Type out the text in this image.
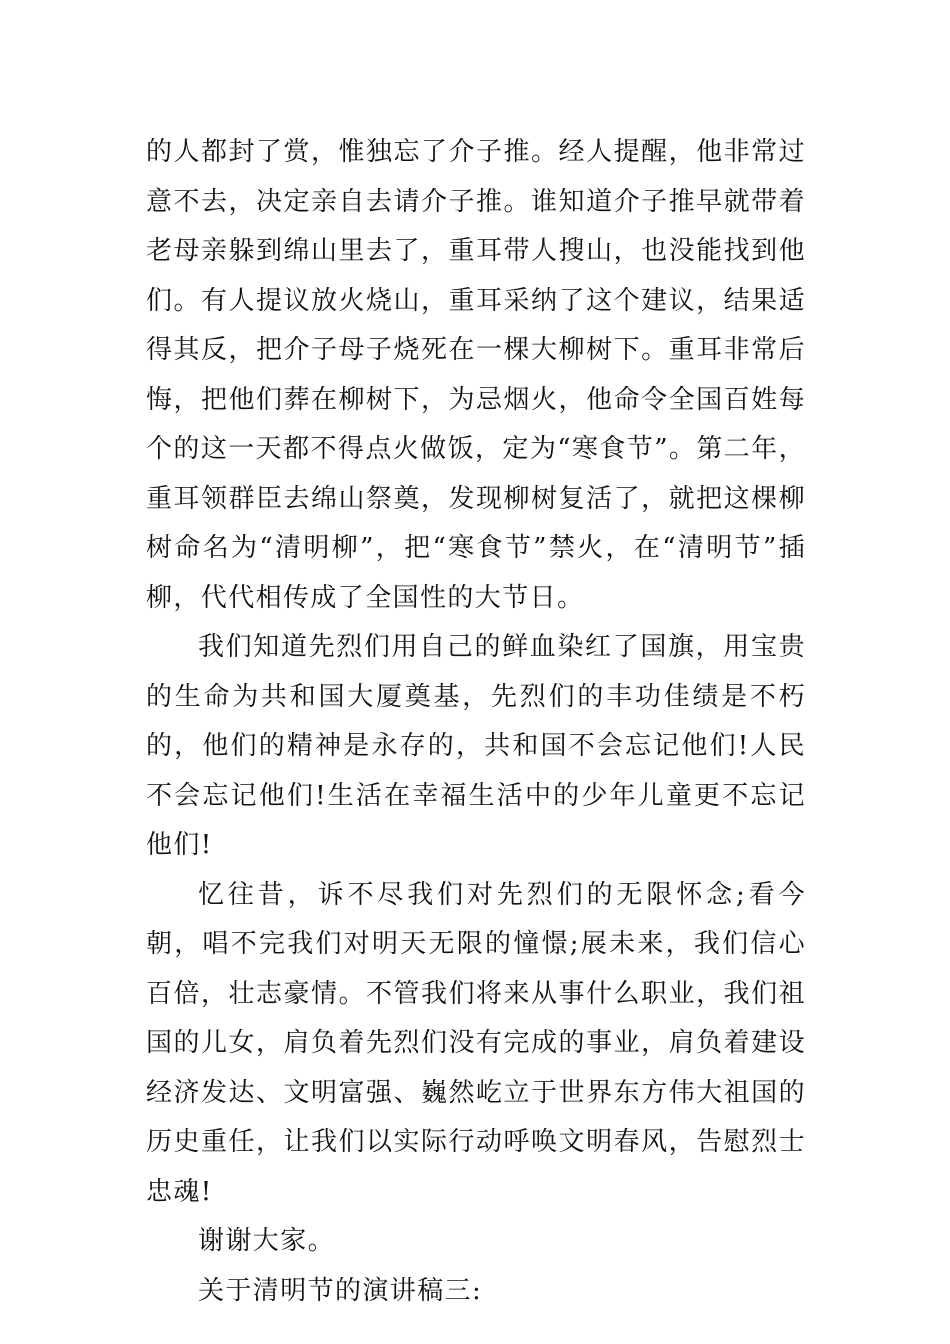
的人都封了赏，惟独忘了介子推。经人提醒，他非常过意不去，决定亲自去请介子推。谁知道介子推早就带着老母亲躲到绵山里去了，重耳带人搜山，也没能找到他们。有人提议放火烧山，重耳采纳了这个建议，结果适得其反，把介子母子烧死在一棵大柳树下。重耳非常后悔，把他们葬在柳树下，为忌烟火，他命令全国百姓每个的这一天都不得点火做饭，定为“寒食节”。第二年，重耳领群臣去绵山祭奠，发现柳树复活了，就把这棵柳树命名为“清明柳”，把“寒食节”禁火，在“清明节”插柳，代代相传成了全国性的大节日。

我们知道先烈们用自己的鲜血染红了国旗，用宝贵的生命为共和国大厦奠基，先烈们的丰功佳绩是不朽的，他们的精神是永存的，共和国不会忘记他们!人民不会忘记他们!生活在幸福生活中的少年儿童更不忘记他们!

忆往昔，诉不尽我们对先烈们的无限怀念;看今朝，唱不完我们对明天无限的憧憬;展未来，我们信心百倍，壮志豪情。不管我们将来从事什么职业，我们祖国的儿女，肩负着先烈们没有完成的事业，肩负着建设经济发达、文明富强、巍然屹立于世界东方伟大祖国的历史重任，让我们以实际行动呼唤文明春风，告慰烈士忠魂!

谢谢大家。

关于清明节的演讲稿三:
